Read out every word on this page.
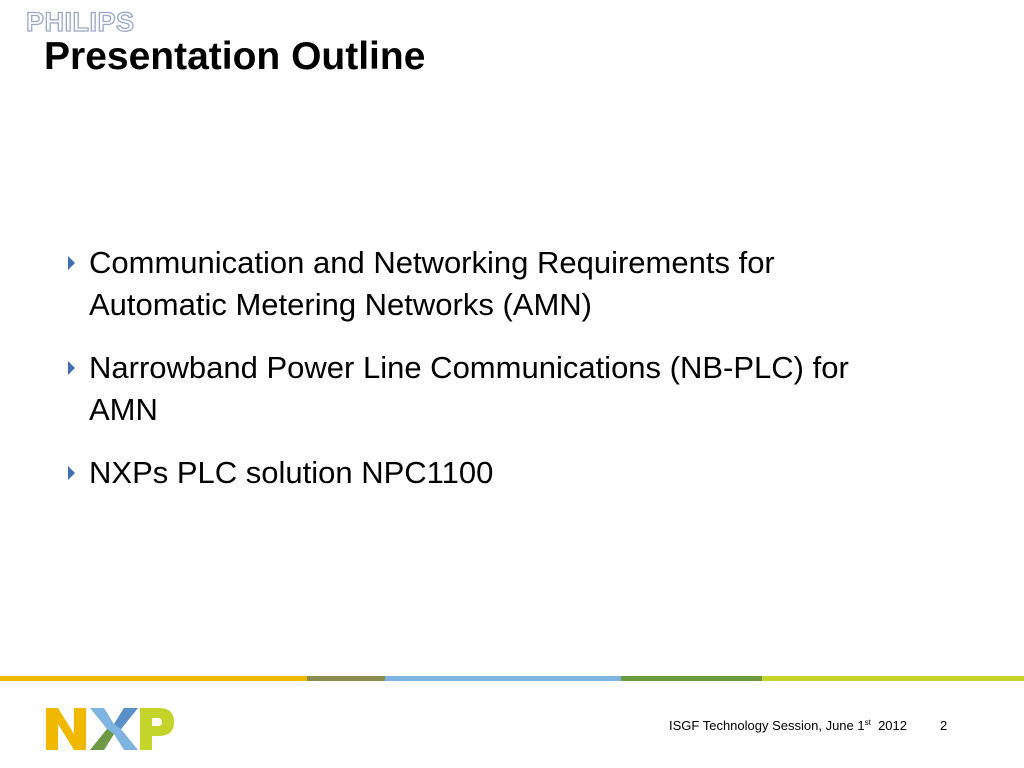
PHILIPS
Presentation Outline
Communication and Networking Requirements for
Automatic Metering Networks (AMN)
Narrowband Power Line Communications (NB-PLC) for
AMN
NXPs PLC solution NPC1100
ISGF Technology Session, June 1st 2012	2
